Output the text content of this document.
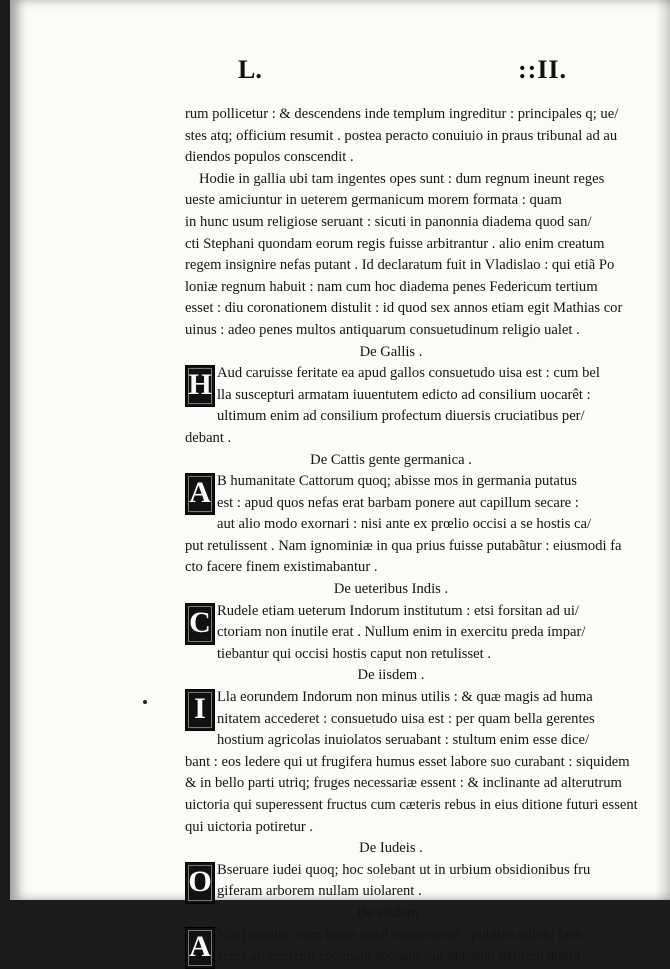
L.	::II.
rum pollicetur : & descendens inde templum ingreditur : principales q; ue/
stes atq; officium resumit . postea peracto conuiuio in praus tribunal ad au
diendos populos conscendit .
Hodie in gallia ubi tam ingentes opes sunt : dum regnum ineunt reges
ueste amiciuntur in ueterem germanicum morem formata : quam
in hunc usum religiose seruant : sicuti in panonnia diadema quod san/
cti Stephani quondam eorum regis fuisse arbitrantur . alio enim creatum
regem insignire nefas putant . Id declaratum fuit in Vladislao : qui etiã Po
loniæ regnum habuit : nam cum hoc diadema penes Federicum tertium
esset : diu coronationem distulit : id quod sex annos etiam egit Mathias cor
uinus : adeo penes multos antiquarum consuetudinum religio ualet .
De Gallis .
Aud caruisse feritate ea apud gallos consuetudo uisa est : cum bel
lla suscepturi armatam iuuentutem edicto ad consilium uocarêt :
ultimum enim ad consilium profectum diuersis cruciatibus per/
debant .
De Cattis gente germanica .
B humanitate Cattorum quoq; abisse mos in germania putatus
est : apud quos nefas erat barbam ponere aut capillum secare :
aut alio modo exornari : nisi ante ex prœlio occisi a se hostis ca/
put retulissent . Nam ignominiæ in qua prius fuisse putabãtur : eiusmodi fa
cto facere finem existimabantur .
De ueteribus Indis .
Rudele etiam ueterum Indorum institutum : etsi forsitan ad ui/
ctoriam non inutile erat . Nullum enim in exercitu preda impar/
tiebantur qui occisi hostis caput non retulisset .
De iisdem .
Lla eorundem Indorum non minus utilis : & quæ magis ad huma
nitatem accederet : consuetudo uisa est : per quam bella gerentes
hostium agricolas inuiolatos seruabant : stultum enim esse dice/
bant : eos ledere qui ut frugifera humus esset labore suo curabant : siquidem
& in bello parti utriq; fruges necessariæ essent : & inclinante ad alterutrum
uictoria qui superessent fructus cum cæteris rebus in eius ditione futuri essent
qui uictoria potiretur .
De Iudeis .
Bseruare iudei quoq; hoc solebant ut in urbium obsidionibus fru
giferam arborem nullam uiolarent .
De eisdem .
Nteq manum cum hoste iudei consererent : publico edicto face
scere ab exercitu cogebant sponsos qui nondum uxorem domũ
H
A
C
I
O
A
